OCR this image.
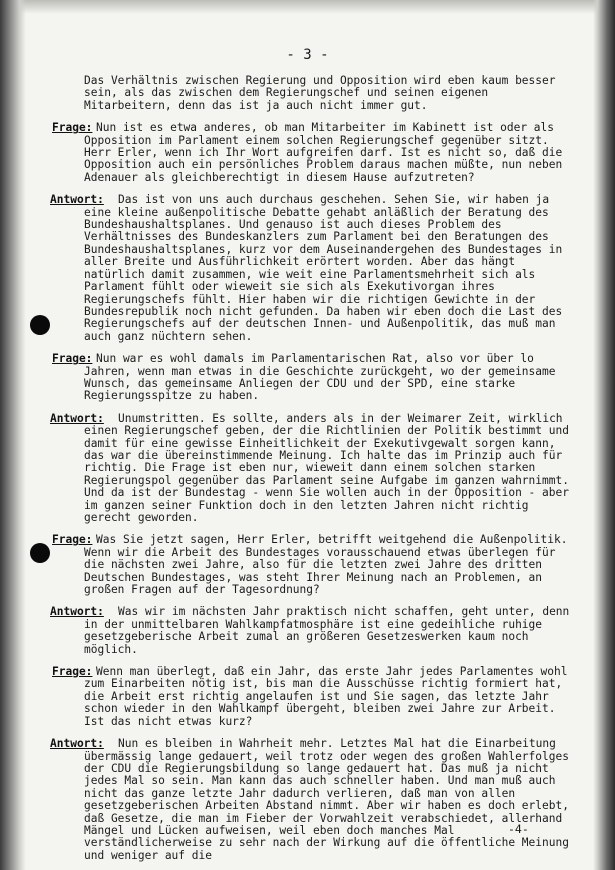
- 3 -

Das Verhältnis zwischen Regierung und Opposition wird eben kaum besser sein, als das zwischen dem Regierungschef und seinen eigenen Mitarbeitern, denn das ist ja auch nicht immer gut.

Frage: Nun ist es etwa anderes, ob man Mitarbeiter im Kabinett ist oder als Opposition im Parlament einem solchen Regierungschef gegenüber sitzt. Herr Erler, wenn ich Ihr Wort aufgreifen darf. Ist es nicht so, daß die Opposition auch ein persönliches Problem daraus machen müßte, nun neben Adenauer als gleichberechtigt in diesem Hause aufzutreten?
Antwort: Das ist von uns auch durchaus geschehen. Sehen Sie, wir haben ja eine kleine außenpolitische Debatte gehabt anläßlich der Beratung des Bundeshaushaltsplanes. Und genauso ist auch dieses Problem des Verhältnisses des Bundeskanzlers zum Parlament bei den Beratungen des Bundeshaushaltsplanes, kurz vor dem Auseinandergehen des Bundestages in aller Breite und Ausführlichkeit erörtert worden. Aber das hängt natürlich damit zusammen, wie weit eine Parlamentsmehrheit sich als Parlament fühlt oder wieweit sie sich als Exekutivorgan ihres Regierungschefs fühlt. Hier haben wir die richtigen Gewichte in der Bundesrepublik noch nicht gefunden. Da haben wir eben doch die Last des Regierungschefs auf der deutschen Innen- und Außenpolitik, das muß man auch ganz nüchtern sehen.
Frage: Nun war es wohl damals im Parlamentarischen Rat, also vor über lo Jahren, wenn man etwas in die Geschichte zurückgeht, wo der gemeinsame Wunsch, das gemeinsame Anliegen der CDU und der SPD, eine starke Regierungsspitze zu haben.
Antwort: Unumstritten. Es sollte, anders als in der Weimarer Zeit, wirklich einen Regierungschef geben, der die Richtlinien der Politik bestimmt und damit für eine gewisse Einheitlichkeit der Exekutivgewalt sorgen kann, das war die übereinstimmende Meinung. Ich halte das im Prinzip auch für richtig. Die Frage ist eben nur, wieweit dann einem solchen starken Regierungspol gegenüber das Parlament seine Aufgabe im ganzen wahrnimmt. Und da ist der Bundestag - wenn Sie wollen auch in der Opposition - aber im ganzen seiner Funktion doch in den letzten Jahren nicht richtig gerecht geworden.
Frage: Was Sie jetzt sagen, Herr Erler, betrifft weitgehend die Außenpolitik. Wenn wir die Arbeit des Bundestages vorausschauend etwas überlegen für die nächsten zwei Jahre, also für die letzten zwei Jahre des dritten Deutschen Bundestages, was steht Ihrer Meinung nach an Problemen, an großen Fragen auf der Tagesordnung?
Antwort: Was wir im nächsten Jahr praktisch nicht schaffen, geht unter, denn in der unmittelbaren Wahlkampfatmosphäre ist eine gedeihliche ruhige gesetzgeberische Arbeit zumal an größeren Gesetzeswerken kaum noch möglich.
Frage: Wenn man überlegt, daß ein Jahr, das erste Jahr jedes Parlamentes wohl zum Einarbeiten nötig ist, bis man die Ausschüsse richtig formiert hat, die Arbeit erst richtig angelaufen ist und Sie sagen, das letzte Jahr schon wieder in den Wahlkampf übergeht, bleiben zwei Jahre zur Arbeit. Ist das nicht etwas kurz?
Antwort: Nun es bleiben in Wahrheit mehr. Letztes Mal hat die Einarbeitung übermässig lange gedauert, weil trotz oder wegen des großen Wahlerfolges der CDU die Regierungsbildung so lange gedauert hat. Das muß ja nicht jedes Mal so sein. Man kann das auch schneller haben. Und man muß auch nicht das ganze letzte Jahr dadurch verlieren, daß man von allen gesetzgeberischen Arbeiten Abstand nimmt. Aber wir haben es doch erlebt, daß Gesetze, die man im Fieber der Vorwahlzeit verabschiedet, allerhand Mängel und Lücken aufweisen, weil eben doch manches Mal verständlicherweise zu sehr nach der Wirkung auf die öffentliche Meinung und weniger auf die
-4-
